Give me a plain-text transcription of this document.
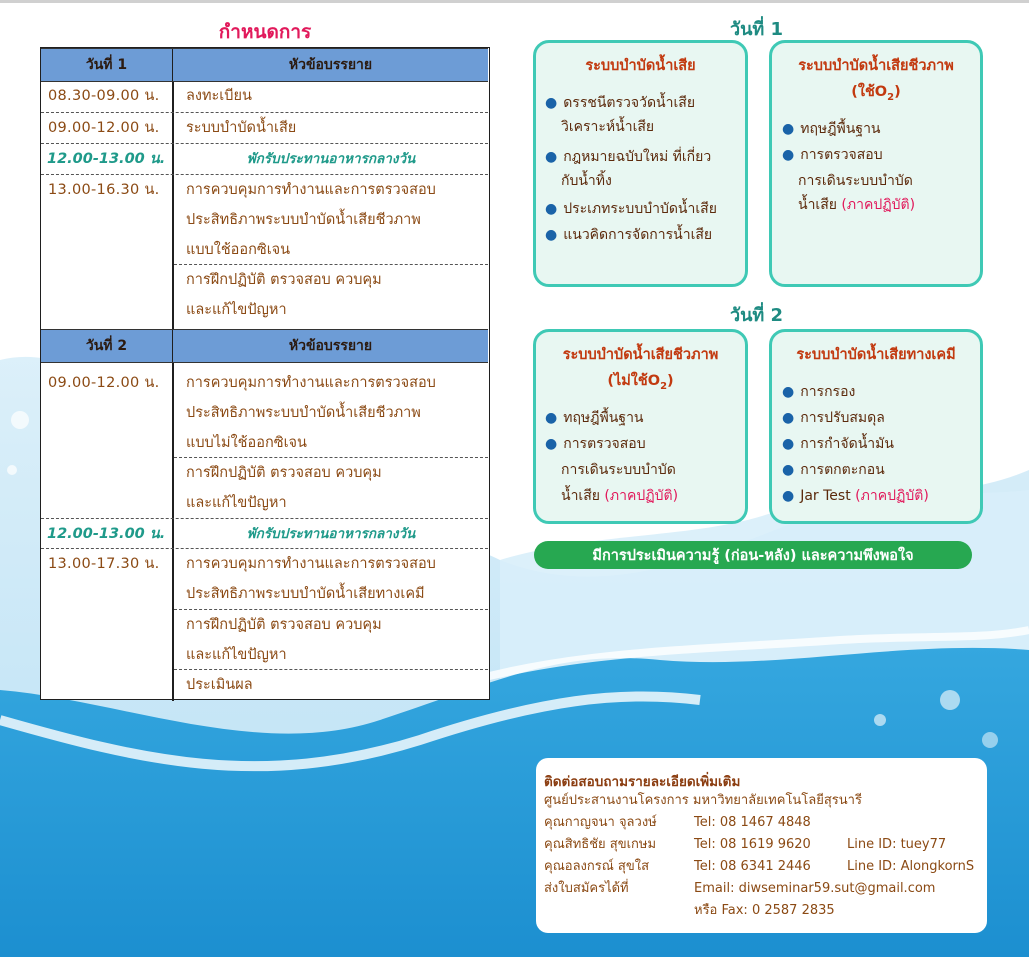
กำหนดการ
วันที่ 1	หัวข้อบรรยาย
08.30-09.00 น. ลงทะเบียน
09.00-12.00 น. ระบบบำบัดน้ำเสีย
12.00-13.00 น.	พักรับประทานอาหารกลางวัน
13.00-16.30 น. การควบคุมการทำงานและการตรวจสอบ
ประสิทธิภาพระบบบำบัดน้ำเสียชีวภาพ
แบบใช้ออกซิเจน
การฝึกปฏิบัติ ตรวจสอบ ควบคุม
และแก้ไขปัญหา
วันที่ 2	หัวข้อบรรยาย
09.00-12.00 น. การควบคุมการทำงานและการตรวจสอบ
ประสิทธิภาพระบบบำบัดน้ำเสียชีวภาพ
แบบไม่ใช้ออกซิเจน
การฝึกปฏิบัติ ตรวจสอบ ควบคุม
และแก้ไขปัญหา
12.00-13.00 น.	พักรับประทานอาหารกลางวัน
13.00-17.30 น. การควบคุมการทำงานและการตรวจสอบ
ประสิทธิภาพระบบบำบัดน้ำเสียทางเคมี
การฝึกปฏิบัติ ตรวจสอบ ควบคุม
และแก้ไขปัญหา
ประเมินผล
วันที่ 1
ระบบบำบัดน้ำเสีย
● ดรรชนีตรวจวัดน้ำเสีย
วิเคราะห์น้ำเสีย
● กฎหมายฉบับใหม่ ที่เกี่ยว
กับน้ำทิ้ง
● ประเภทระบบบำบัดน้ำเสีย
● แนวคิดการจัดการน้ำเสีย
ระบบบำบัดน้ำเสียชีวภาพ
(ใช้$O_2$)
● ทฤษฎีพื้นฐาน
● การตรวจสอบ
การเดินระบบบำบัด
น้ำเสีย (ภาคปฏิบัติ)
วันที่ 2
ระบบบำบัดน้ำเสียชีวภาพ
(ไม่ใช้$O_2$)
● ทฤษฎีพื้นฐาน
● การตรวจสอบ
การเดินระบบบำบัด
น้ำเสีย (ภาคปฏิบัติ)
ระบบบำบัดน้ำเสียทางเคมี
● การกรอง
● การปรับสมดุล
● การกำจัดน้ำมัน
● การตกตะกอน
● Jar Test (ภาคปฏิบัติ)
มีการประเมินความรู้ (ก่อน-หลัง) และความพึงพอใจ
ติดต่อสอบถามรายละเอียดเพิ่มเติม
ศูนย์ประสานงานโครงการ มหาวิทยาลัยเทคโนโลยีสุรนารี
คุณกาญจนา จุลวงษ์	Tel: 08 1467 4848
คุณสิทธิชัย สุขเกษม	Tel: 08 1619 9620	Line ID: tuey77
คุณอลงกรณ์ สุขใส	Tel: 08 6341 2446	Line ID: AlongkornS
ส่งใบสมัครได้ที่	Email: diwseminar59.sut@gmail.com
หรือ Fax: 0 2587 2835
